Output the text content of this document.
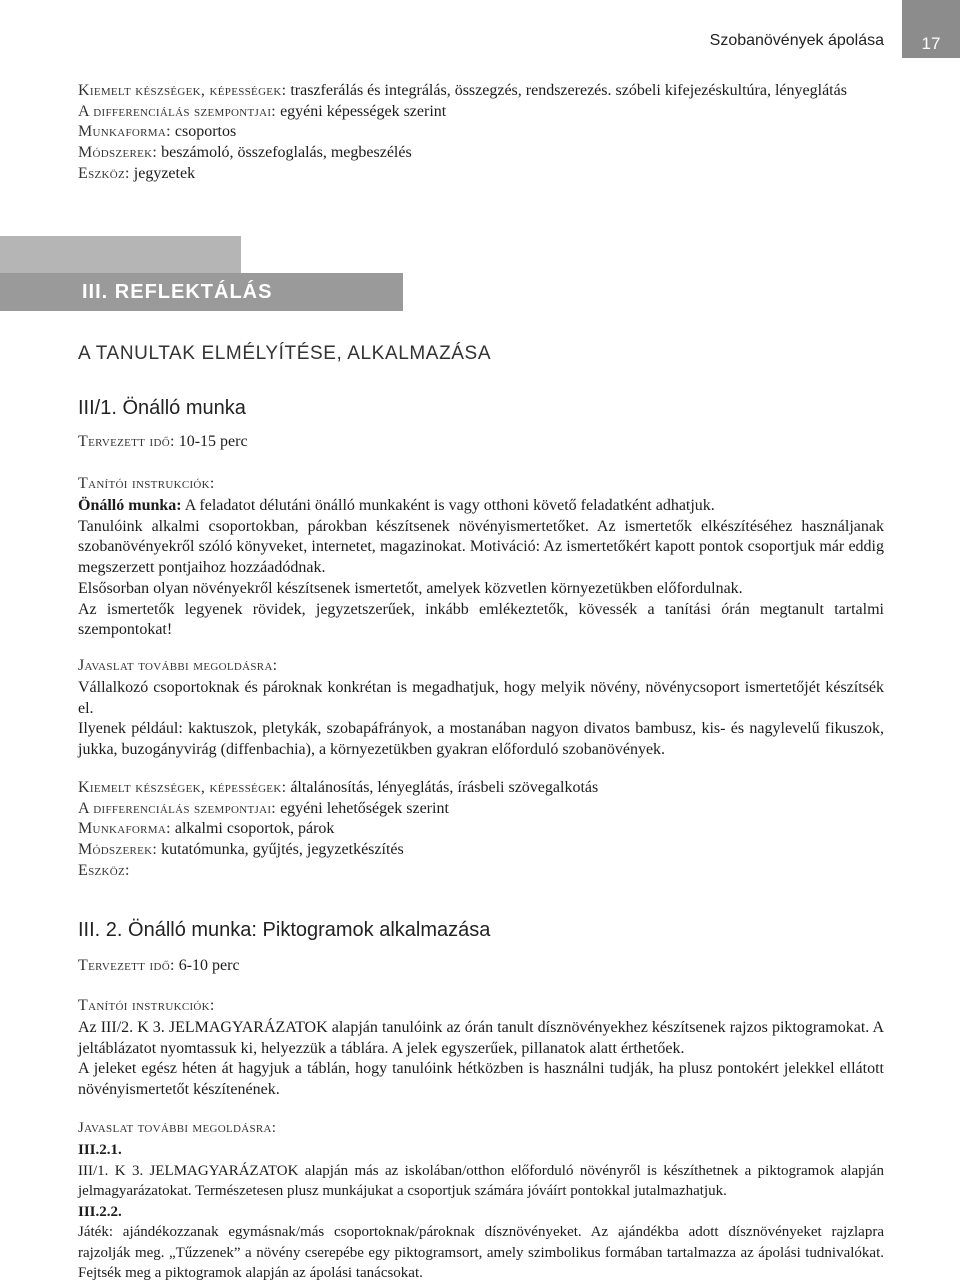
Szobanövények ápolása 17
Kiemelt készségek, képességek: traszferálás és integrálás, összegzés, rendszerezés. szóbeli kifejezéskultúra, lényeglátás
A differenciálás szempontjai: egyéni képességek szerint
Munkaforma: csoportos
Módszerek: beszámoló, összefoglalás, megbeszélés
Eszköz: jegyzetek
III. REFLEKTÁLÁS
A TANULTAK ELMÉLYÍTÉSE, ALKALMAZÁSA
III/1. Önálló munka
Tervezett idő: 10-15 perc
Tanítói instrukciók:

Önálló munka: A feladatot délutáni önálló munkaként is vagy otthoni követő feladatként adhatjuk.

Tanulóink alkalmi csoportokban, párokban készítsenek növényismertetőket. Az ismertetők elkészítéséhez használjanak szobanövényekről szóló könyveket, internetet, magazinokat. Motiváció: Az ismertetőkért kapott pontok csoportjuk már eddig megszerzett pontjaihoz hozzáadódnak.

Elsősorban olyan növényekről készítsenek ismertetőt, amelyek közvetlen környezetükben előfordulnak.

Az ismertetők legyenek rövidek, jegyzetszerűek, inkább emlékeztetők, kövessék a tanítási órán megtanult tartalmi szempontokat!

Javaslat további megoldásra:

Vállalkozó csoportoknak és pároknak konkrétan is megadhatjuk, hogy melyik növény, növénycsoport ismertetőjét készítsék el.

Ilyenek például: kaktuszok, pletykák, szobapáfrányok, a mostanában nagyon divatos bambusz, kis- és nagylevelű fikuszok, jukka, buzogányvirág (diffenbachia), a környezetükben gyakran előforduló szobanövények.

Kiemelt készségek, képességek: általánosítás, lényeglátás, írásbeli szövegalkotás
A differenciálás szempontjai: egyéni lehetőségek szerint
Munkaforma: alkalmi csoportok, párok
Módszerek: kutatómunka, gyűjtés, jegyzetkészítés
Eszköz:
III. 2. Önálló munka: Piktogramok alkalmazása
Tervezett idő: 6-10 perc
Tanítói instrukciók:

Az III/2. K 3. JELMAGYARÁZATOK alapján tanulóink az órán tanult dísznövényekhez készítsenek rajzos piktogramokat. A jeltáblázatot nyomtassuk ki, helyezzük a táblára. A jelek egyszerűek, pillanatok alatt érthetőek.

A jeleket egész héten át hagyjuk a táblán, hogy tanulóink hétközben is használni tudják, ha plusz pontokért jelekkel ellátott növényismertetőt készítenének.

Javaslat további megoldásra:

III.2.1.

III/1. K 3. JELMAGYARÁZATOK alapján más az iskolában/otthon előforduló növényről is készíthetnek a piktogramok alapján jelmagyarázatokat. Természetesen plusz munkájukat a csoportjuk számára jóváírt pontokkal jutalmazhatjuk.

III.2.2.

Játék: ajándékozzanak egymásnak/más csoportoknak/pároknak dísznövényeket. Az ajándékba adott dísznövényeket rajzlapra rajzolják meg. „Tűzzenek” a növény cserepébe egy piktogramsort, amely szimbolikus formában tartalmazza az ápolási tudnivalókat. Fejtsék meg a piktogramok alapján az ápolási tanácsokat.
